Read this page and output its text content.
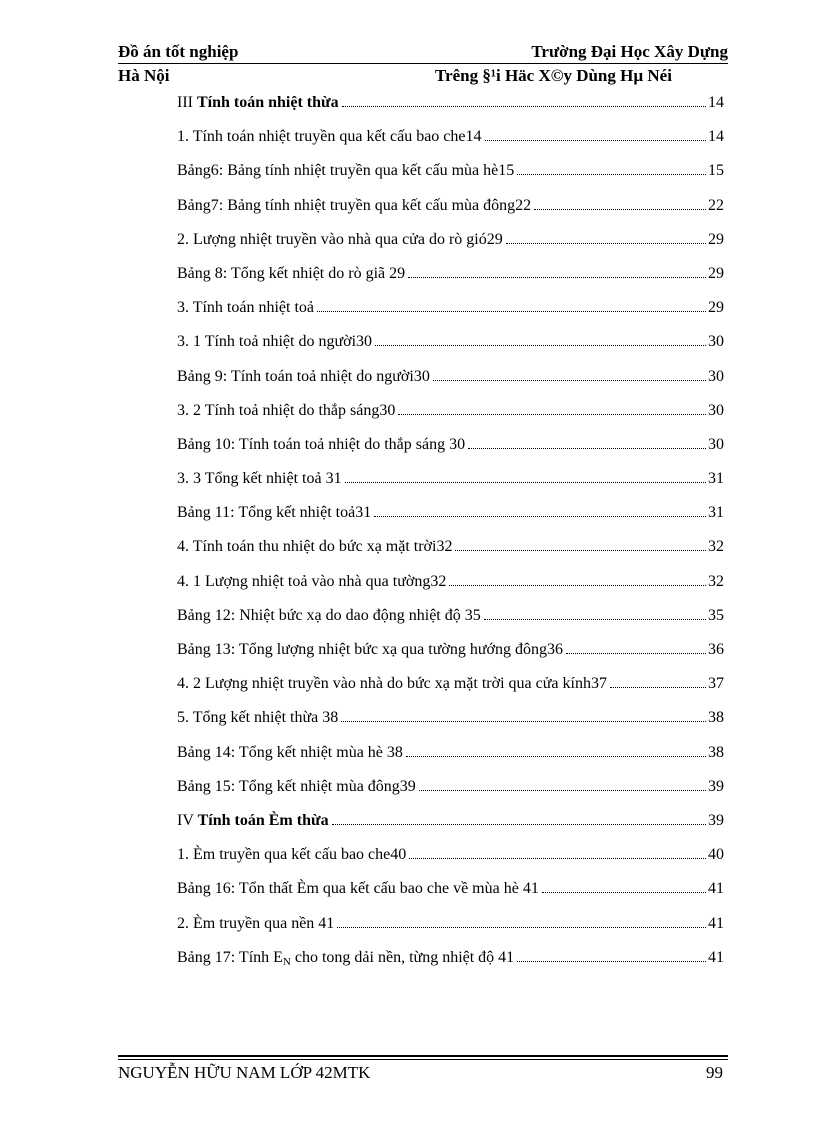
Đồ án tốt nghiệp	Trường Đại Học Xây Dựng
Hà Nội	Trêng §¹i Häc X©y Dùng Hµ Néi
III Tính toán nhiệt thừa	14
1. Tính toán nhiệt truyền qua kết cấu bao che14	14
Bảng6: Bảng tính nhiệt truyền qua kết cấu mùa hè15	15
Bảng7: Bảng tính nhiệt truyền qua kết cấu mùa đông22	22
2. Lượng nhiệt truyền vào nhà qua cửa do rò gió29	29
Bảng 8: Tổng kết nhiệt do rò giã 29	29
3. Tính toán nhiệt toả	29
3. 1 Tính toả nhiệt do người30	30
Bảng 9: Tính toán toả nhiệt do người30	30
3. 2 Tính toả nhiệt do thắp sáng30	30
Bảng 10: Tính toán toả nhiệt do thắp sáng 30	30
3. 3 Tổng kết nhiệt toả 31	31
Bảng 11: Tổng kết nhiệt toả31	31
4. Tính toán thu nhiệt do bức xạ mặt trời32	32
4. 1 Lượng nhiệt toả vào nhà qua tường32	32
Bảng 12: Nhiệt bức xạ do dao động nhiệt độ 35	35
Bảng 13: Tổng lượng nhiệt bức xạ qua tường hướng đông36	36
4. 2 Lượng nhiệt truyền vào nhà do bức xạ mặt trời qua cửa kính37	37
5. Tổng kết nhiệt thừa 38	38
Bảng 14: Tổng kết nhiệt mùa hè 38	38
Bảng 15: Tổng kết nhiệt mùa đông39	39
IV Tính toán Èm thừa	39
1. Èm truyền qua kết cấu bao che40	40
Bảng 16: Tổn thất Èm qua kết cấu bao che về mùa hè 41	41
2. Èm truyền qua nền 41	41
Bảng 17: Tính $E_N$ cho tong dải nền, từng nhiệt độ 41	41
NGUYỄN HỮU NAM LỚP 42MTK	99
